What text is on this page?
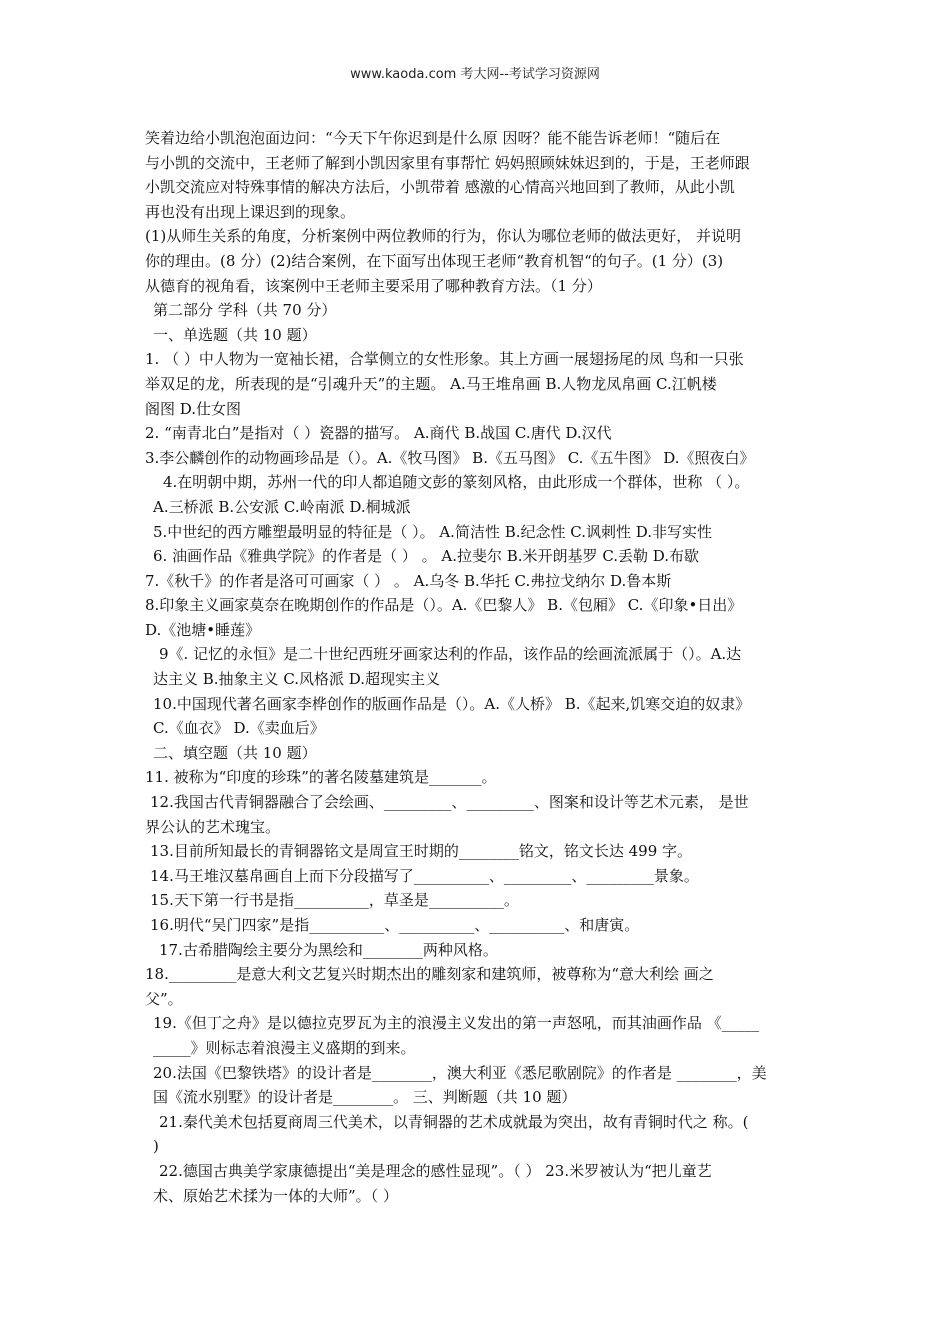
www.kaoda.com 考大网--考试学习资源网
笑着边给小凯泡泡面边问：“今天下午你迟到是什么原 因呀？能不能告诉老师！“随后在
与小凯的交流中，王老师了解到小凯因家里有事帮忙 妈妈照顾妹妹迟到的，于是，王老师跟
小凯交流应对特殊事情的解决方法后，小凯带着 感激的心情高兴地回到了教师，从此小凯
再也没有出现上课迟到的现象。
(1)从师生关系的角度，分析案例中两位教师的行为，你认为哪位老师的做法更好， 并说明
你的理由。(8 分）(2)结合案例，在下面写出体现王老师“教育机智“的句子。(1 分）(3)
从德育的视角看，该案例中王老师主要采用了哪种教育方法。（1 分）
第二部分 学科（共 70 分）
一、单选题（共 10 题）
1. （ ）中人物为一宽袖长裙，合掌侧立的女性形象。其上方画一展翅扬尾的凤 鸟和一只张
举双足的龙，所表现的是“引魂升天”的主题。 A.马王堆帛画 B.人物龙凤帛画 C.江帆楼
阁图 D.仕女图
2. “南青北白”是指对（ ）瓷器的描写。 A.商代 B.战国 C.唐代 D.汉代
3.李公麟创作的动物画珍品是（）。A.《牧马图》 B.《五马图》 C.《五牛图》 D.《照夜白》
4.在明朝中期，苏州一代的印人都追随文彭的篆刻风格，由此形成一个群体，世称 （ ）。
A.三桥派 B.公安派 C.岭南派 D.桐城派
5.中世纪的西方雕塑最明显的特征是（ ）。 A.简洁性 B.纪念性 C.讽刺性 D.非写实性
6. 油画作品《雅典学院》的作者是（ ） 。 A.拉斐尔 B.米开朗基罗 C.丢勒 D.布歇
7.《秋千》的作者是洛可可画家（ ） 。 A.乌冬 B.华托 C.弗拉戈纳尔 D.鲁本斯
8.印象主义画家莫奈在晚期创作的作品是（）。A.《巴黎人》 B.《包厢》 C.《印象•日出》
D.《池塘•睡莲》
9《. 记忆的永恒》是二十世纪西班牙画家达利的作品，该作品的绘画流派属于（）。A.达
达主义 B.抽象主义 C.风格派 D.超现实主义
10.中国现代著名画家李桦创作的版画作品是（）。A.《人桥》 B.《起来,饥寒交迫的奴隶》
C.《血衣》 D.《卖血后》
二、填空题（共 10 题）
11. 被称为“印度的珍珠”的著名陵墓建筑是_______。
12.我国古代青铜器融合了会绘画、_________、_________、图案和设计等艺术元素， 是世
界公认的艺术瑰宝。
13.目前所知最长的青铜器铭文是周宣王时期的________铭文，铭文长达 499 字。
14.马王堆汉墓帛画自上而下分段描写了__________、_________、_________景象。
15.天下第一行书是指__________，草圣是__________。
16.明代“吴门四家”是指__________、__________、__________、和唐寅。
17.古希腊陶绘主要分为黑绘和________两种风格。
18._________是意大利文艺复兴时期杰出的雕刻家和建筑师，被尊称为“意大利绘 画之
父”。
19.《但丁之舟》是以德拉克罗瓦为主的浪漫主义发出的第一声怒吼，而其油画作品 《_____
_____》则标志着浪漫主义盛期的到来。
20.法国《巴黎铁塔》的设计者是________，澳大利亚《悉尼歌剧院》的作者是 ________，美
国《流水别墅》的设计者是________。 三、判断题（共 10 题）
21.秦代美术包括夏商周三代美术，以青铜器的艺术成就最为突出，故有青铜时代之 称。(
)
22.德国古典美学家康德提出“美是理念的感性显现”。（ ） 23.米罗被认为“把儿童艺
术、原始艺术揉为一体的大师”。（ ）
